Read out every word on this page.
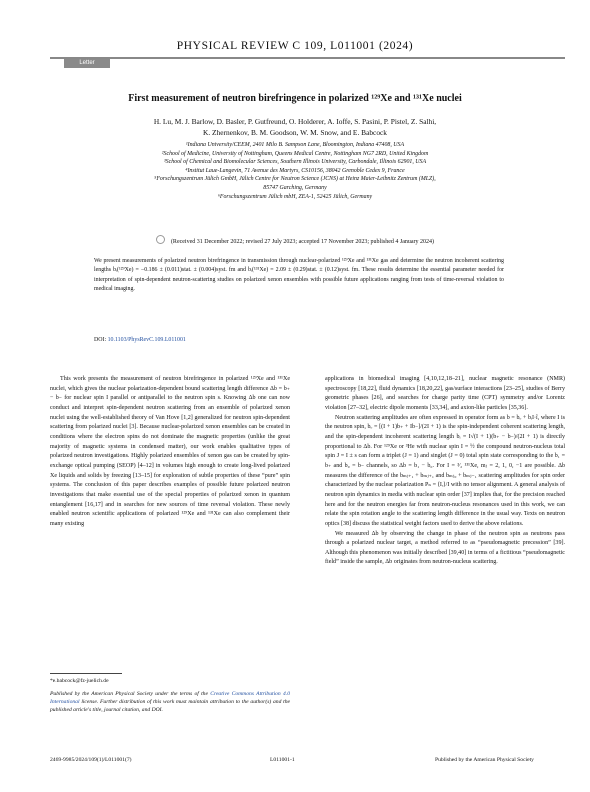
PHYSICAL REVIEW C 109, L011001 (2024)
Letter
First measurement of neutron birefringence in polarized ¹²⁹Xe and ¹³¹Xe nuclei
H. Lu, M. J. Barlow, D. Basler, P. Gutfreund, O. Holderer, A. Ioffe, S. Pasini, P. Pistel, Z. Salhi,
K. Zhernenkov, B. M. Goodson, W. M. Snow, and E. Babcock
¹Indiana University/CEEM, 2401 Milo B. Sampson Lane, Bloomington, Indiana 47408, USA
²School of Medicine, University of Nottingham, Queens Medical Centre, Nottingham NG7 2RD, United Kingdom
³School of Chemical and Biomolecular Sciences, Southern Illinois University, Carbondale, Illinois 62901, USA
⁴Institut Laue-Langevin, 71 Avenue des Martyrs, CS10156, 38042 Grenoble Cedex 9, France
⁵Forschungszentrum Jülich GmbH, Jülich Centre for Neutron Science (JCNS) at Heinz Maier-Leibnitz Zentrum (MLZ),
85747 Garching, Germany
⁶Forschungszentrum Jülich mbH, ZEA-1, 52425 Jülich, Germany
(Received 31 December 2022; revised 27 July 2023; accepted 17 November 2023; published 4 January 2024)
We present measurements of polarized neutron birefringence in transmission through nuclear-polarized ¹²⁹Xe and ¹³¹Xe gas and determine the neutron incoherent scattering lengths bᵢ(¹²⁹Xe) = −0.186 ± (0.011)stat. ± (0.004)syst. fm and bᵢ(¹³¹Xe) = 2.09 ± (0.29)stat. ± (0.12)syst. fm. These results determine the essential parameter needed for interpretation of spin-dependent neutron-scattering studies on polarized xenon ensembles with possible future applications ranging from tests of time-reversal violation to medical imaging.
DOI: 10.1103/PhysRevC.109.L011001

This work presents the measurement of neutron birefringence in polarized ¹²⁹Xe and ¹³¹Xe nuclei, which gives the nuclear polarization-dependent bound scattering length difference Δb = b₊ − b₋ for nuclear spin I parallel or antiparallel to the neutron spin s. Knowing Δb one can now conduct and interpret spin-dependent neutron scattering from an ensemble of polarized xenon nuclei using the well-established theory of Van Hove [1,2] generalized for neutron spin-dependent scattering from polarized nuclei [3]. Because nuclear-polarized xenon ensembles can be created in conditions where the electron spins do not dominate the magnetic properties (unlike the great majority of magnetic systems in condensed matter), our work enables qualitative types of polarized neutron investigations. Highly polarized ensembles of xenon gas can be created by spin-exchange optical pumping (SEOP) [4–12] in volumes high enough to create long-lived polarized Xe liquids and solids by freezing [13–15] for exploration of subtle properties of these “pure” spin systems. The conclusion of this paper describes examples of possible future polarized neutron investigations that make essential use of the special properties of polarized xenon in quantum entanglement [16,17] and in searches for new sources of time reversal violation. These newly enabled neutron scientific applications of polarized ¹²⁹Xe and ¹³¹Xe can also complement their many existing

applications in biomedical imaging [4,10,12,18–21], nuclear magnetic resonance (NMR) spectroscopy [18,22], fluid dynamics [18,20,22], gas/surface interactions [23–25], studies of Berry geometric phases [26], and searches for charge parity time (CPT) symmetry and/or Lorentz violation [27–32], electric dipole moments [33,34], and axion-like particles [35,36].

Neutron scattering amplitudes are often expressed in operator form as b = bₒ + bᵢI·î, where I is the neutron spin, bₒ = [(I + 1)b₊ + Ib₋]/(2I + 1) is the spin-independent coherent scattering length, and the spin-dependent incoherent scattering length bᵢ = I√(I + 1)(b₊ − b₋)/(2I + 1) is directly proportional to Δb. For ¹²⁹Xe or ³He with nuclear spin I = ½ the compound neutron-nucleus total spin J = I ± s can form a triplet (J = 1) and singlet (J = 0) total spin state corresponding to the b₁ = b₊ and b₀ = b₋ channels, so Δb = b₁ − b₀. For I = ³⁄₂ ¹³¹Xe, mⱼ = 2, 1, 0, −1 are possible. Δb measures the difference of the bₘⱼ₊₁ + bₘⱼ₊₁ and bₘⱼ₀ + bₘⱼ₋₁ scattering amplitudes for spin order characterized by the nuclear polarization Pₙ = ⟨Iᵣ⟩/I with no tensor alignment. A general analysis of neutron spin dynamics in media with nuclear spin order [37] implies that, for the precision reached here and for the neutron energies far from neutron-nucleus resonances used in this work, we can relate the spin rotation angle to the scattering length difference in the usual way. Texts on neutron optics [38] discuss the statistical weight factors used to derive the above relations.

We measured Δb by observing the change in phase of the neutron spin as neutrons pass through a polarized nuclear target, a method referred to as “pseudomagnetic precession” [39]. Although this phenomenon was initially described [39,40] in terms of a fictitious “pseudomagnetic field” inside the sample, Δb originates from neutron-nucleus scattering.

*e.babcock@fz-juelich.de
Published by the American Physical Society under the terms of the Creative Commons Attribution 4.0 International license. Further distribution of this work must maintain attribution to the author(s) and the published article's title, journal citation, and DOI.
2469-9985/2024/109(1)/L011001(7)	L011001-1	Published by the American Physical Society
